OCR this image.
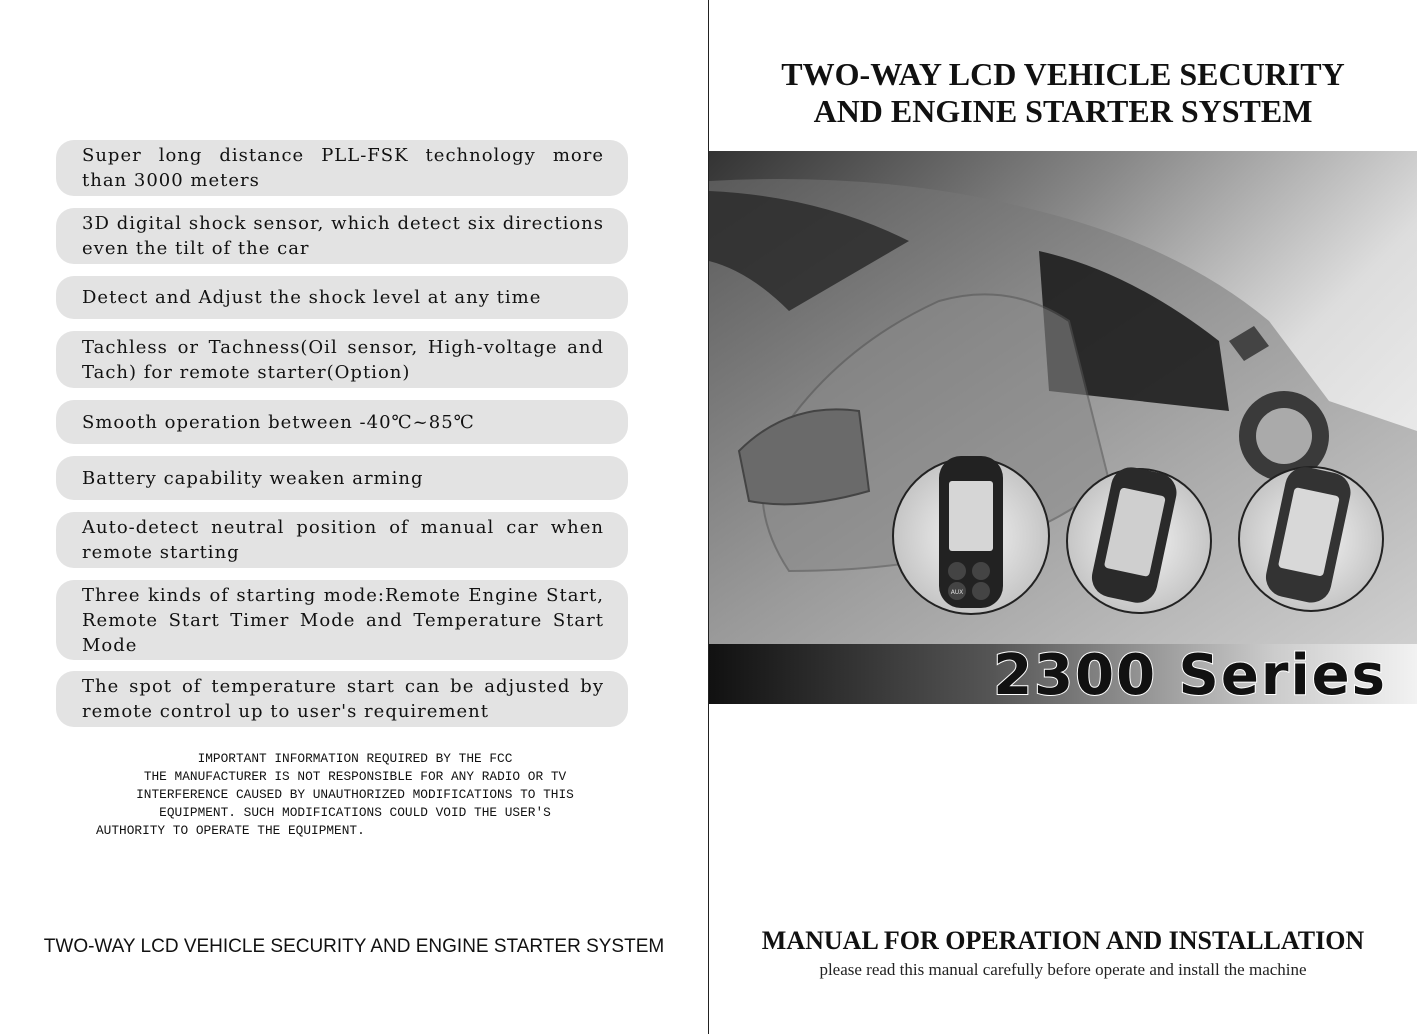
Super long distance PLL-FSK technology more than 3000 meters
3D digital shock sensor, which detect six directions even the tilt of the car
Detect and Adjust the shock level at any time
Tachless or Tachness(Oil sensor, High-voltage and Tach) for remote starter(Option)
Smooth operation between -40℃~85℃
Battery capability weaken arming
Auto-detect neutral position of manual car when remote starting
Three kinds of starting mode:Remote Engine Start, Remote Start Timer Mode and Temperature Start Mode
The spot of temperature start can be adjusted by remote control up to user's requirement
IMPORTANT INFORMATION REQUIRED BY THE FCC
THE MANUFACTURER IS NOT RESPONSIBLE FOR ANY RADIO OR TV
INTERFERENCE CAUSED BY UNAUTHORIZED MODIFICATIONS TO THIS
EQUIPMENT. SUCH MODIFICATIONS COULD VOID THE USER'S
AUTHORITY TO OPERATE THE EQUIPMENT.
TWO-WAY LCD VEHICLE SECURITY AND ENGINE STARTER SYSTEM
TWO-WAY LCD VEHICLE SECURITY
AND ENGINE STARTER SYSTEM
AUX
2300 Series
MANUAL FOR OPERATION AND INSTALLATION
please read this manual carefully before operate and install the machine
